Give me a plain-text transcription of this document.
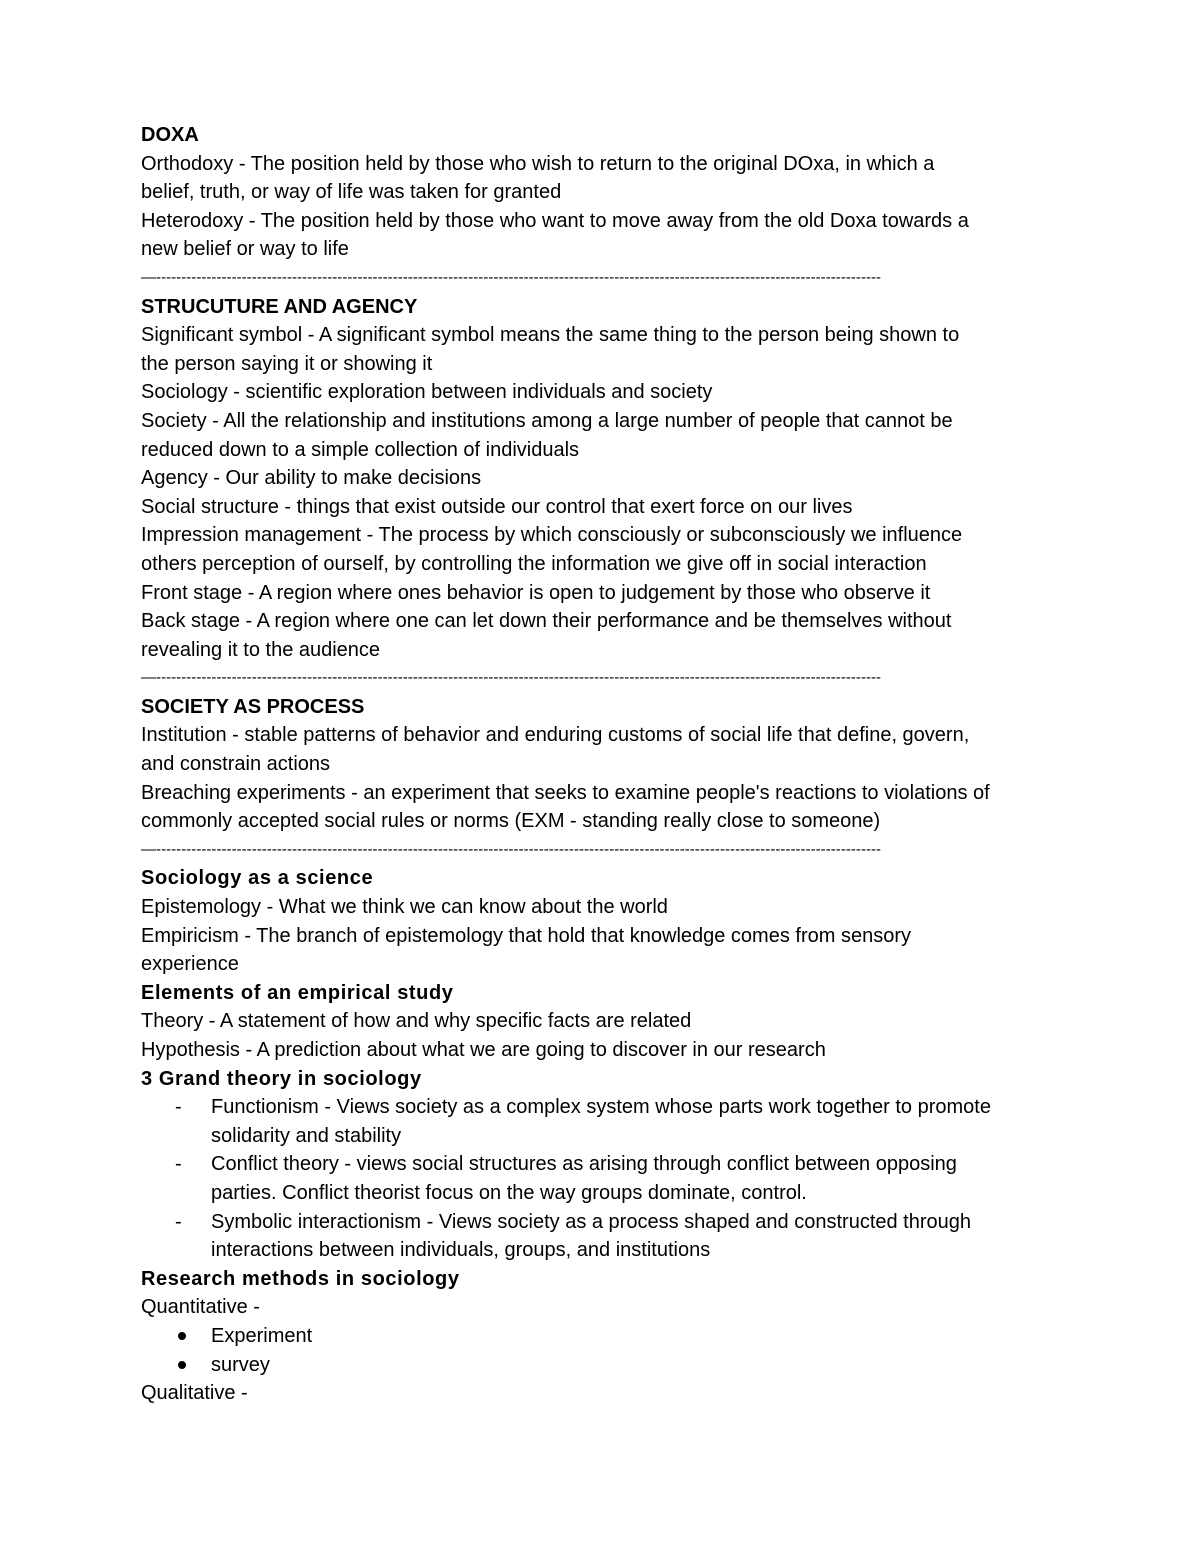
DOXA
Orthodoxy - The position held by those who wish to return to the original DOxa, in which a
belief, truth, or way of life was taken for granted
Heterodoxy - The position held by those who want to move away from the old Doxa towards a
new belief or way to life
—------------------------------------------------------------------------------------------------------------------------------------------------
STRUCUTURE AND AGENCY
Significant symbol - A significant symbol means the same thing to the person being shown to
the person saying it or showing it
Sociology - scientific exploration between individuals and society
Society - All the relationship and institutions among a large number of people that cannot be
reduced down to a simple collection of individuals
Agency - Our ability to make decisions
Social structure - things that exist outside our control that exert force on our lives
Impression management - The process by which consciously or subconsciously we influence
others perception of ourself, by controlling the information we give off in social interaction
Front stage - A region where ones behavior is open to judgement by those who observe it
Back stage - A region where one can let down their performance and be themselves without
revealing it to the audience
—------------------------------------------------------------------------------------------------------------------------------------------------
SOCIETY AS PROCESS
Institution - stable patterns of behavior and enduring customs of social life that define, govern,
and constrain actions
Breaching experiments - an experiment that seeks to examine people's reactions to violations of
commonly accepted social rules or norms (EXM - standing really close to someone)
—------------------------------------------------------------------------------------------------------------------------------------------------
Sociology as a science
Epistemology - What we think we can know about the world
Empiricism - The branch of epistemology that hold that knowledge comes from sensory
experience
Elements of an empirical study
Theory - A statement of how and why specific facts are related
Hypothesis - A prediction about what we are going to discover in our research
3 Grand theory in sociology
-	Functionism - Views society as a complex system whose parts work together to promote
solidarity and stability
-	Conflict theory - views social structures as arising through conflict between opposing
parties. Conflict theorist focus on the way groups dominate, control.
-	Symbolic interactionism - Views society as a process shaped and constructed through
interactions between individuals, groups, and institutions
Research methods in sociology
Quantitative -
Experiment
survey
Qualitative -
